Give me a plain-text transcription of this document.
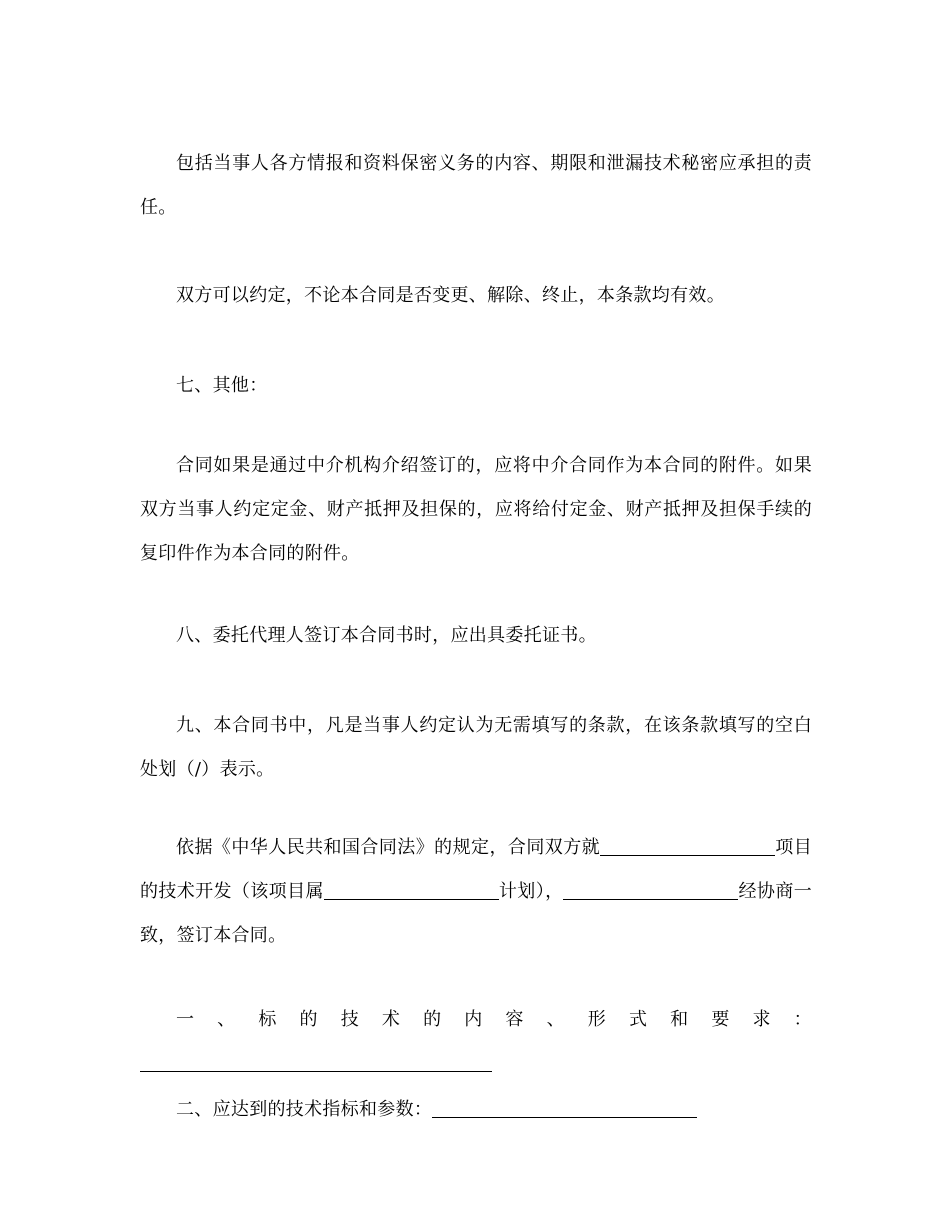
包括当事人各方情报和资料保密义务的内容、期限和泄漏技术秘密应承担的责任。

双方可以约定，不论本合同是否变更、解除、终止，本条款均有效。

七、其他：

合同如果是通过中介机构介绍签订的，应将中介合同作为本合同的附件。如果双方当事人约定定金、财产抵押及担保的，应将给付定金、财产抵押及担保手续的复印件作为本合同的附件。

八、委托代理人签订本合同书时，应出具委托证书。

九、本合同书中，凡是当事人约定认为无需填写的条款，在该条款填写的空白处划（/）表示。

依据《中华人民共和国合同法》的规定，合同双方就	项目的技术开发（该项目属	计划），	经协商一致，签订本合同。

一、标的技术的内容、形式和要求：

二、应达到的技术指标和参数：
